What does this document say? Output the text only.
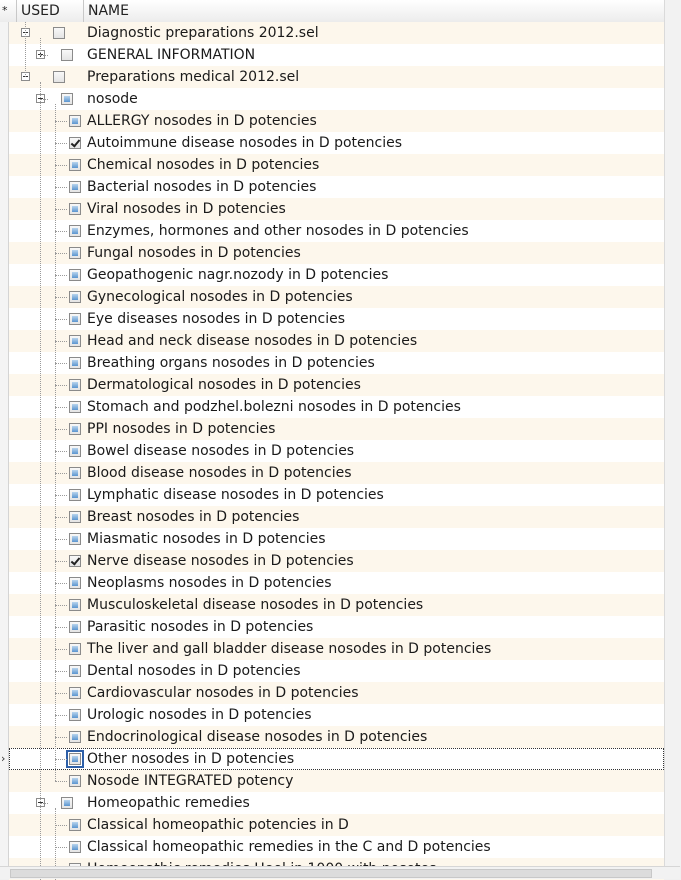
* USED NAME
›
Diagnostic preparations 2012.sel
GENERAL INFORMATION
Preparations medical 2012.sel
nosode
ALLERGY nosodes in D potencies
Autoimmune disease nosodes in D potencies
Chemical nosodes in D potencies
Bacterial nosodes in D potencies
Viral nosodes in D potencies
Enzymes, hormones and other nosodes in D potencies
Fungal nosodes in D potencies
Geopathogenic nagr.nozody in D potencies
Gynecological nosodes in D potencies
Eye diseases nosodes in D potencies
Head and neck disease nosodes in D potencies
Breathing organs nosodes in D potencies
Dermatological nosodes in D potencies
Stomach and podzhel.bolezni nosodes in D potencies
PPI nosodes in D potencies
Bowel disease nosodes in D potencies
Blood disease nosodes in D potencies
Lymphatic disease nosodes in D potencies
Breast nosodes in D potencies
Miasmatic nosodes in D potencies
Nerve disease nosodes in D potencies
Neoplasms nosodes in D potencies
Musculoskeletal disease nosodes in D potencies
Parasitic nosodes in D potencies
The liver and gall bladder disease nosodes in D potencies
Dental nosodes in D potencies
Cardiovascular nosodes in D potencies
Urologic nosodes in D potencies
Endocrinological disease nosodes in D potencies
Other nosodes in D potencies
Nosode INTEGRATED potency
Homeopathic remedies
Classical homeopathic potencies in D
Classical homeopathic remedies in the C and D potencies
